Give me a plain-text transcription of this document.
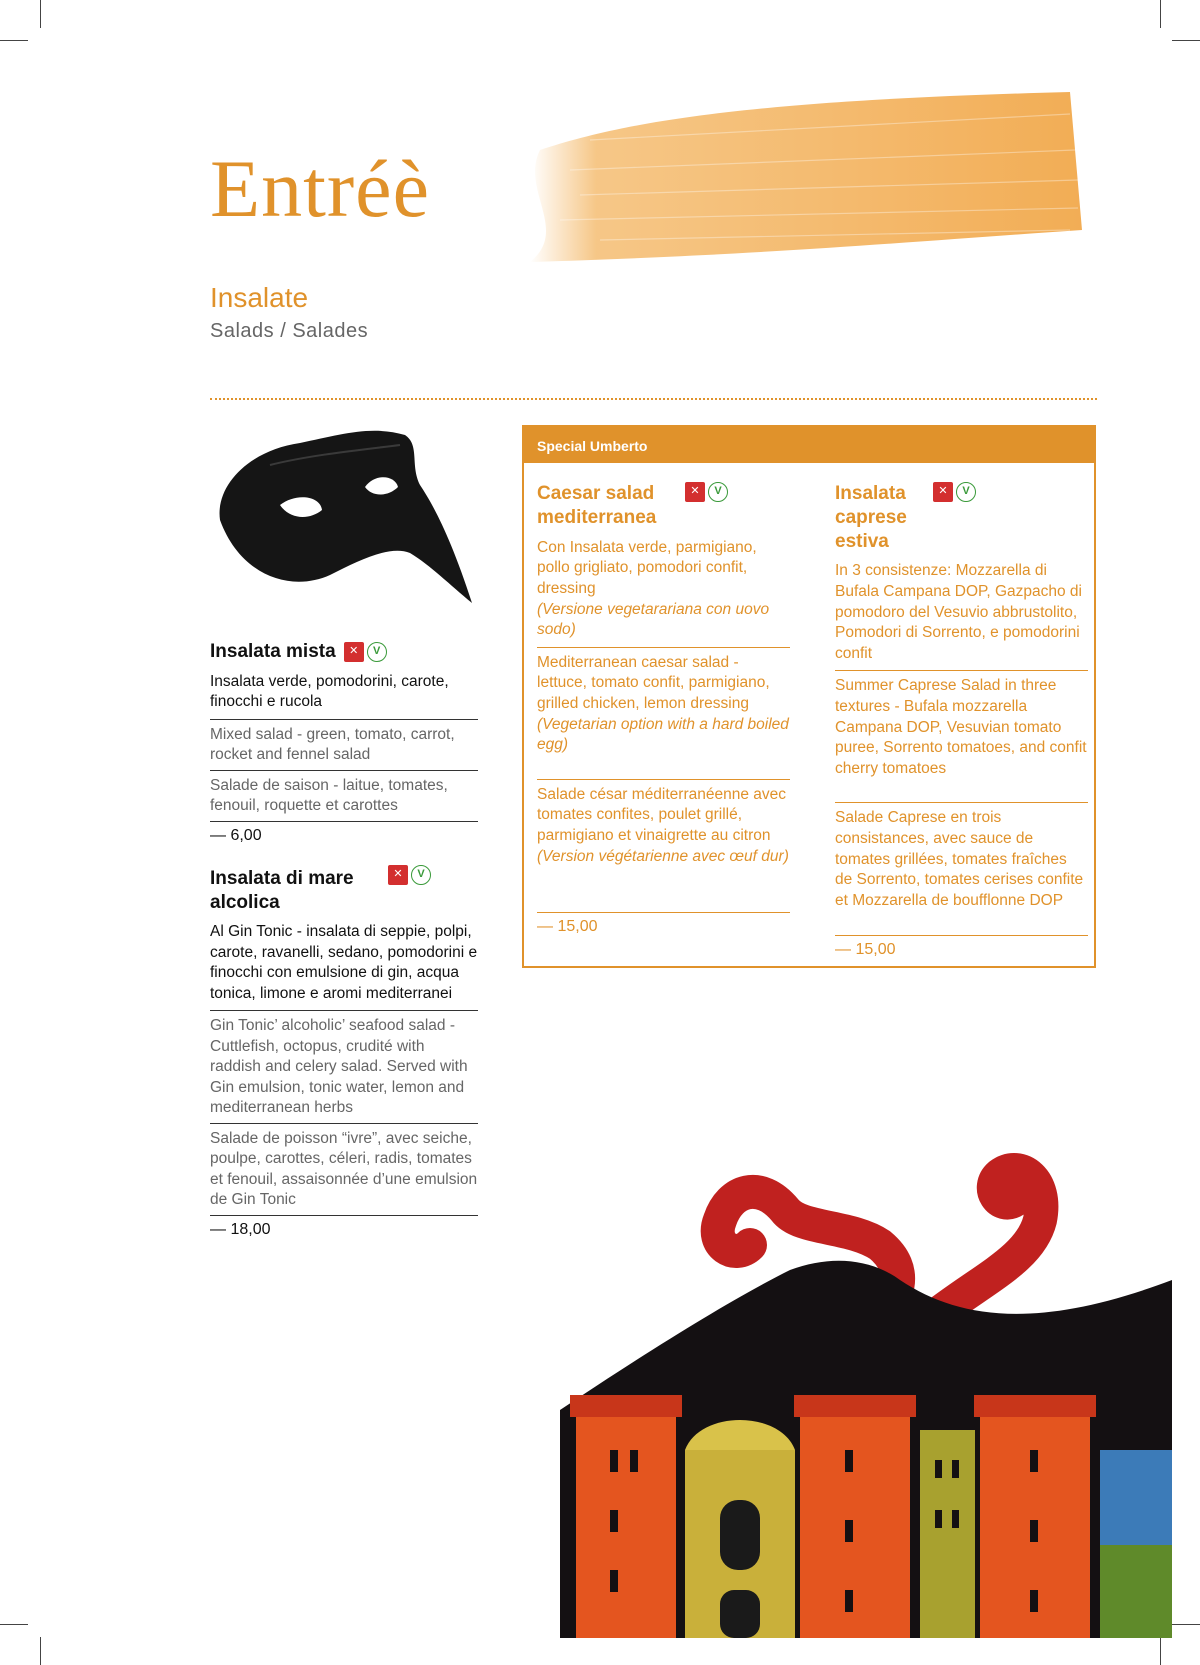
Entréè
Insalate
Salads / Salades
Insalata mista	✕	V

Insalata verde, pomodorini, carote, finocchi e rucola

Mixed salad - green, tomato, carrot, rocket and fennel salad

Salade de saison - laitue, tomates, fenouil, roquette et carottes

— 6,00
Insalata di mare alcolica
✕	V

Al Gin Tonic - insalata di seppie, polpi, carote, ravanelli, sedano, pomodorini e finocchi con emulsione di gin, acqua tonica, limone e aromi mediterranei

Gin Tonic’ alcoholic’ seafood salad - Cuttlefish, octopus, crudité with raddish and celery salad. Served with Gin emulsion, tonic water, lemon and mediterranean herbs

Salade de poisson “ivre”, avec seiche, poulpe, carottes, céleri, radis, tomates et fenouil, assaisonnée d’une emulsion de Gin Tonic

— 18,00
Special Umberto
Caesar salad mediterranea
✕	V

Con Insalata verde, parmigiano, pollo grigliato, pomodori confit, dressing
(Versione vegetarariana con uovo sodo)

Mediterranean caesar salad - lettuce, tomato confit, parmigiano, grilled chicken, lemon dressing (Vegetarian option with a hard boiled egg)

Salade césar méditerranéenne avec tomates confites, poulet grillé, parmigiano et vinaigrette au citron (Version végétarienne avec œuf dur)

— 15,00
Insalata caprese estiva
✕	V

In 3 consistenze: Mozzarella di Bufala Campana DOP, Gazpacho di pomodoro del Vesuvio abbrustolito, Pomodori di Sorrento, e pomodorini confit

Summer Caprese Salad in three textures - Bufala mozzarella Campana DOP, Vesuvian tomato puree, Sorrento tomatoes, and confit cherry tomatoes

Salade Caprese en trois consistances, avec sauce de tomates grillées, tomates fraîches de Sorrento, tomates cerises confite et Mozzarella de boufflonne DOP

— 15,00
